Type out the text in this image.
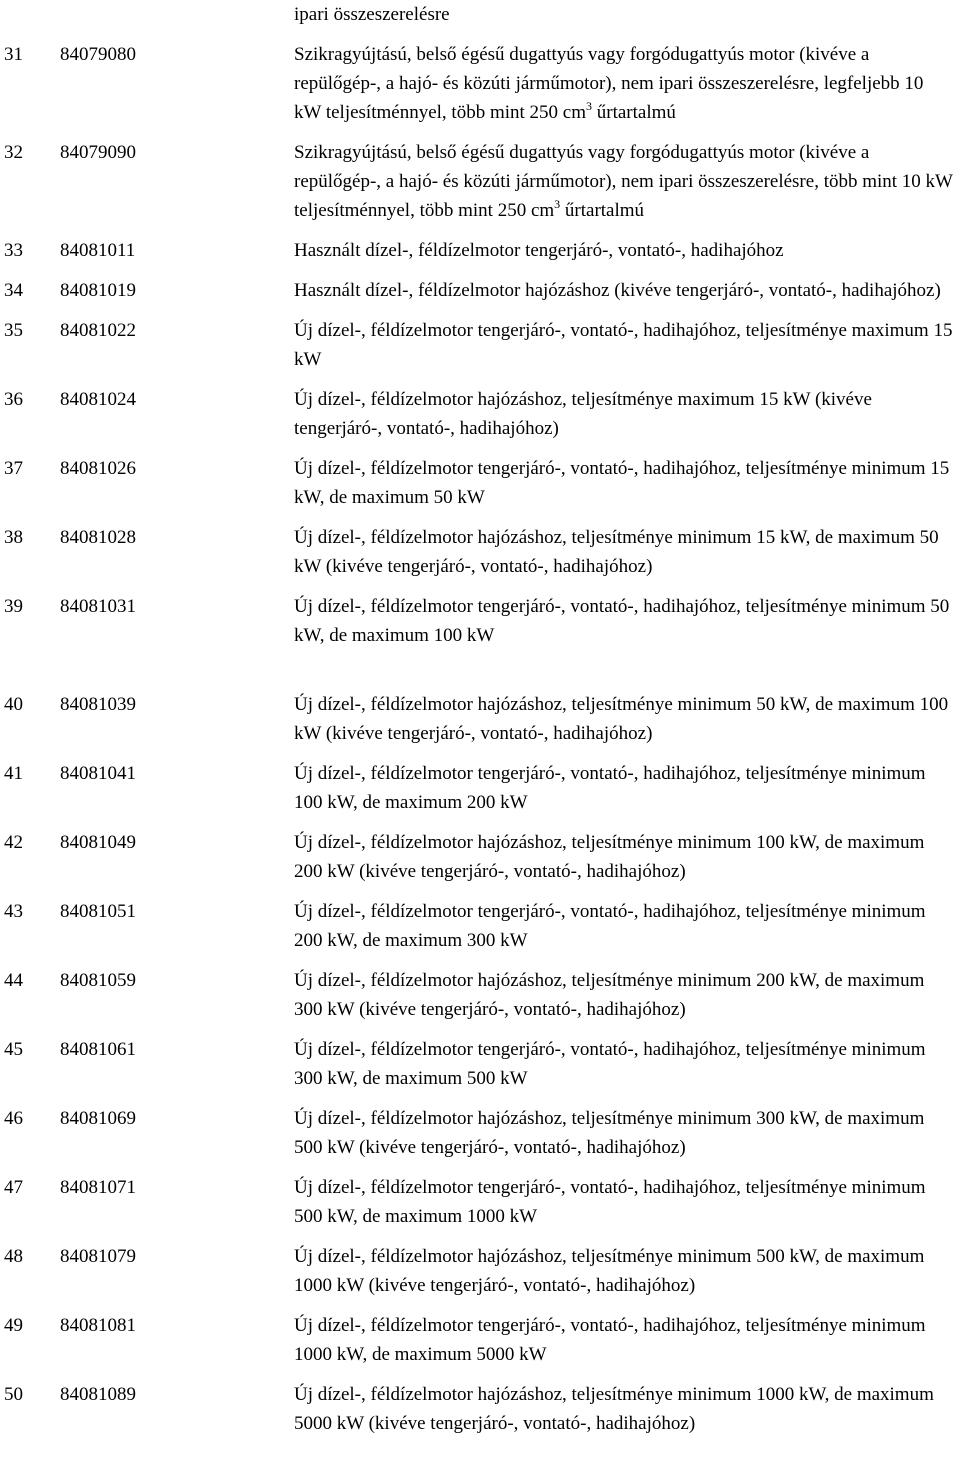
ipari összeszerelésre
31	84079080	Szikragyújtású, belső égésű dugattyús vagy forgódugattyús motor (kivéve a repülőgép-, a hajó- és közúti járműmotor), nem ipari összeszerelésre, legfeljebb 10 kW teljesítménnyel, több mint 250 $cm^3$ űrtartalmú
32	84079090	Szikragyújtású, belső égésű dugattyús vagy forgódugattyús motor (kivéve a repülőgép-, a hajó- és közúti járműmotor), nem ipari összeszerelésre, több mint 10 kW teljesítménnyel, több mint 250 $cm^3$ űrtartalmú
33	84081011	Használt dízel-, féldízelmotor tengerjáró-, vontató-, hadihajóhoz
34	84081019	Használt dízel-, féldízelmotor hajózáshoz (kivéve tengerjáró-, vontató-, hadihajóhoz)
35	84081022	Új dízel-, féldízelmotor tengerjáró-, vontató-, hadihajóhoz, teljesítménye maximum 15 kW
36	84081024	Új dízel-, féldízelmotor hajózáshoz, teljesítménye maximum 15 kW (kivéve tengerjáró-, vontató-, hadihajóhoz)
37	84081026	Új dízel-, féldízelmotor tengerjáró-, vontató-, hadihajóhoz, teljesítménye minimum 15 kW, de maximum 50 kW
38	84081028	Új dízel-, féldízelmotor hajózáshoz, teljesítménye minimum 15 kW, de maximum 50 kW (kivéve tengerjáró-, vontató-, hadihajóhoz)
39	84081031	Új dízel-, féldízelmotor tengerjáró-, vontató-, hadihajóhoz, teljesítménye minimum 50 kW, de maximum 100 kW
40	84081039	Új dízel-, féldízelmotor hajózáshoz, teljesítménye minimum 50 kW, de maximum 100 kW (kivéve tengerjáró-, vontató-, hadihajóhoz)
41	84081041	Új dízel-, féldízelmotor tengerjáró-, vontató-, hadihajóhoz, teljesítménye minimum 100 kW, de maximum 200 kW
42	84081049	Új dízel-, féldízelmotor hajózáshoz, teljesítménye minimum 100 kW, de maximum 200 kW (kivéve tengerjáró-, vontató-, hadihajóhoz)
43	84081051	Új dízel-, féldízelmotor tengerjáró-, vontató-, hadihajóhoz, teljesítménye minimum 200 kW, de maximum 300 kW
44	84081059	Új dízel-, féldízelmotor hajózáshoz, teljesítménye minimum 200 kW, de maximum 300 kW (kivéve tengerjáró-, vontató-, hadihajóhoz)
45	84081061	Új dízel-, féldízelmotor tengerjáró-, vontató-, hadihajóhoz, teljesítménye minimum 300 kW, de maximum 500 kW
46	84081069	Új dízel-, féldízelmotor hajózáshoz, teljesítménye minimum 300 kW, de maximum 500 kW (kivéve tengerjáró-, vontató-, hadihajóhoz)
47	84081071	Új dízel-, féldízelmotor tengerjáró-, vontató-, hadihajóhoz, teljesítménye minimum 500 kW, de maximum 1000 kW
48	84081079	Új dízel-, féldízelmotor hajózáshoz, teljesítménye minimum 500 kW, de maximum 1000 kW (kivéve tengerjáró-, vontató-, hadihajóhoz)
49	84081081	Új dízel-, féldízelmotor tengerjáró-, vontató-, hadihajóhoz, teljesítménye minimum 1000 kW, de maximum 5000 kW
50	84081089	Új dízel-, féldízelmotor hajózáshoz, teljesítménye minimum 1000 kW, de maximum 5000 kW (kivéve tengerjáró-, vontató-, hadihajóhoz)
